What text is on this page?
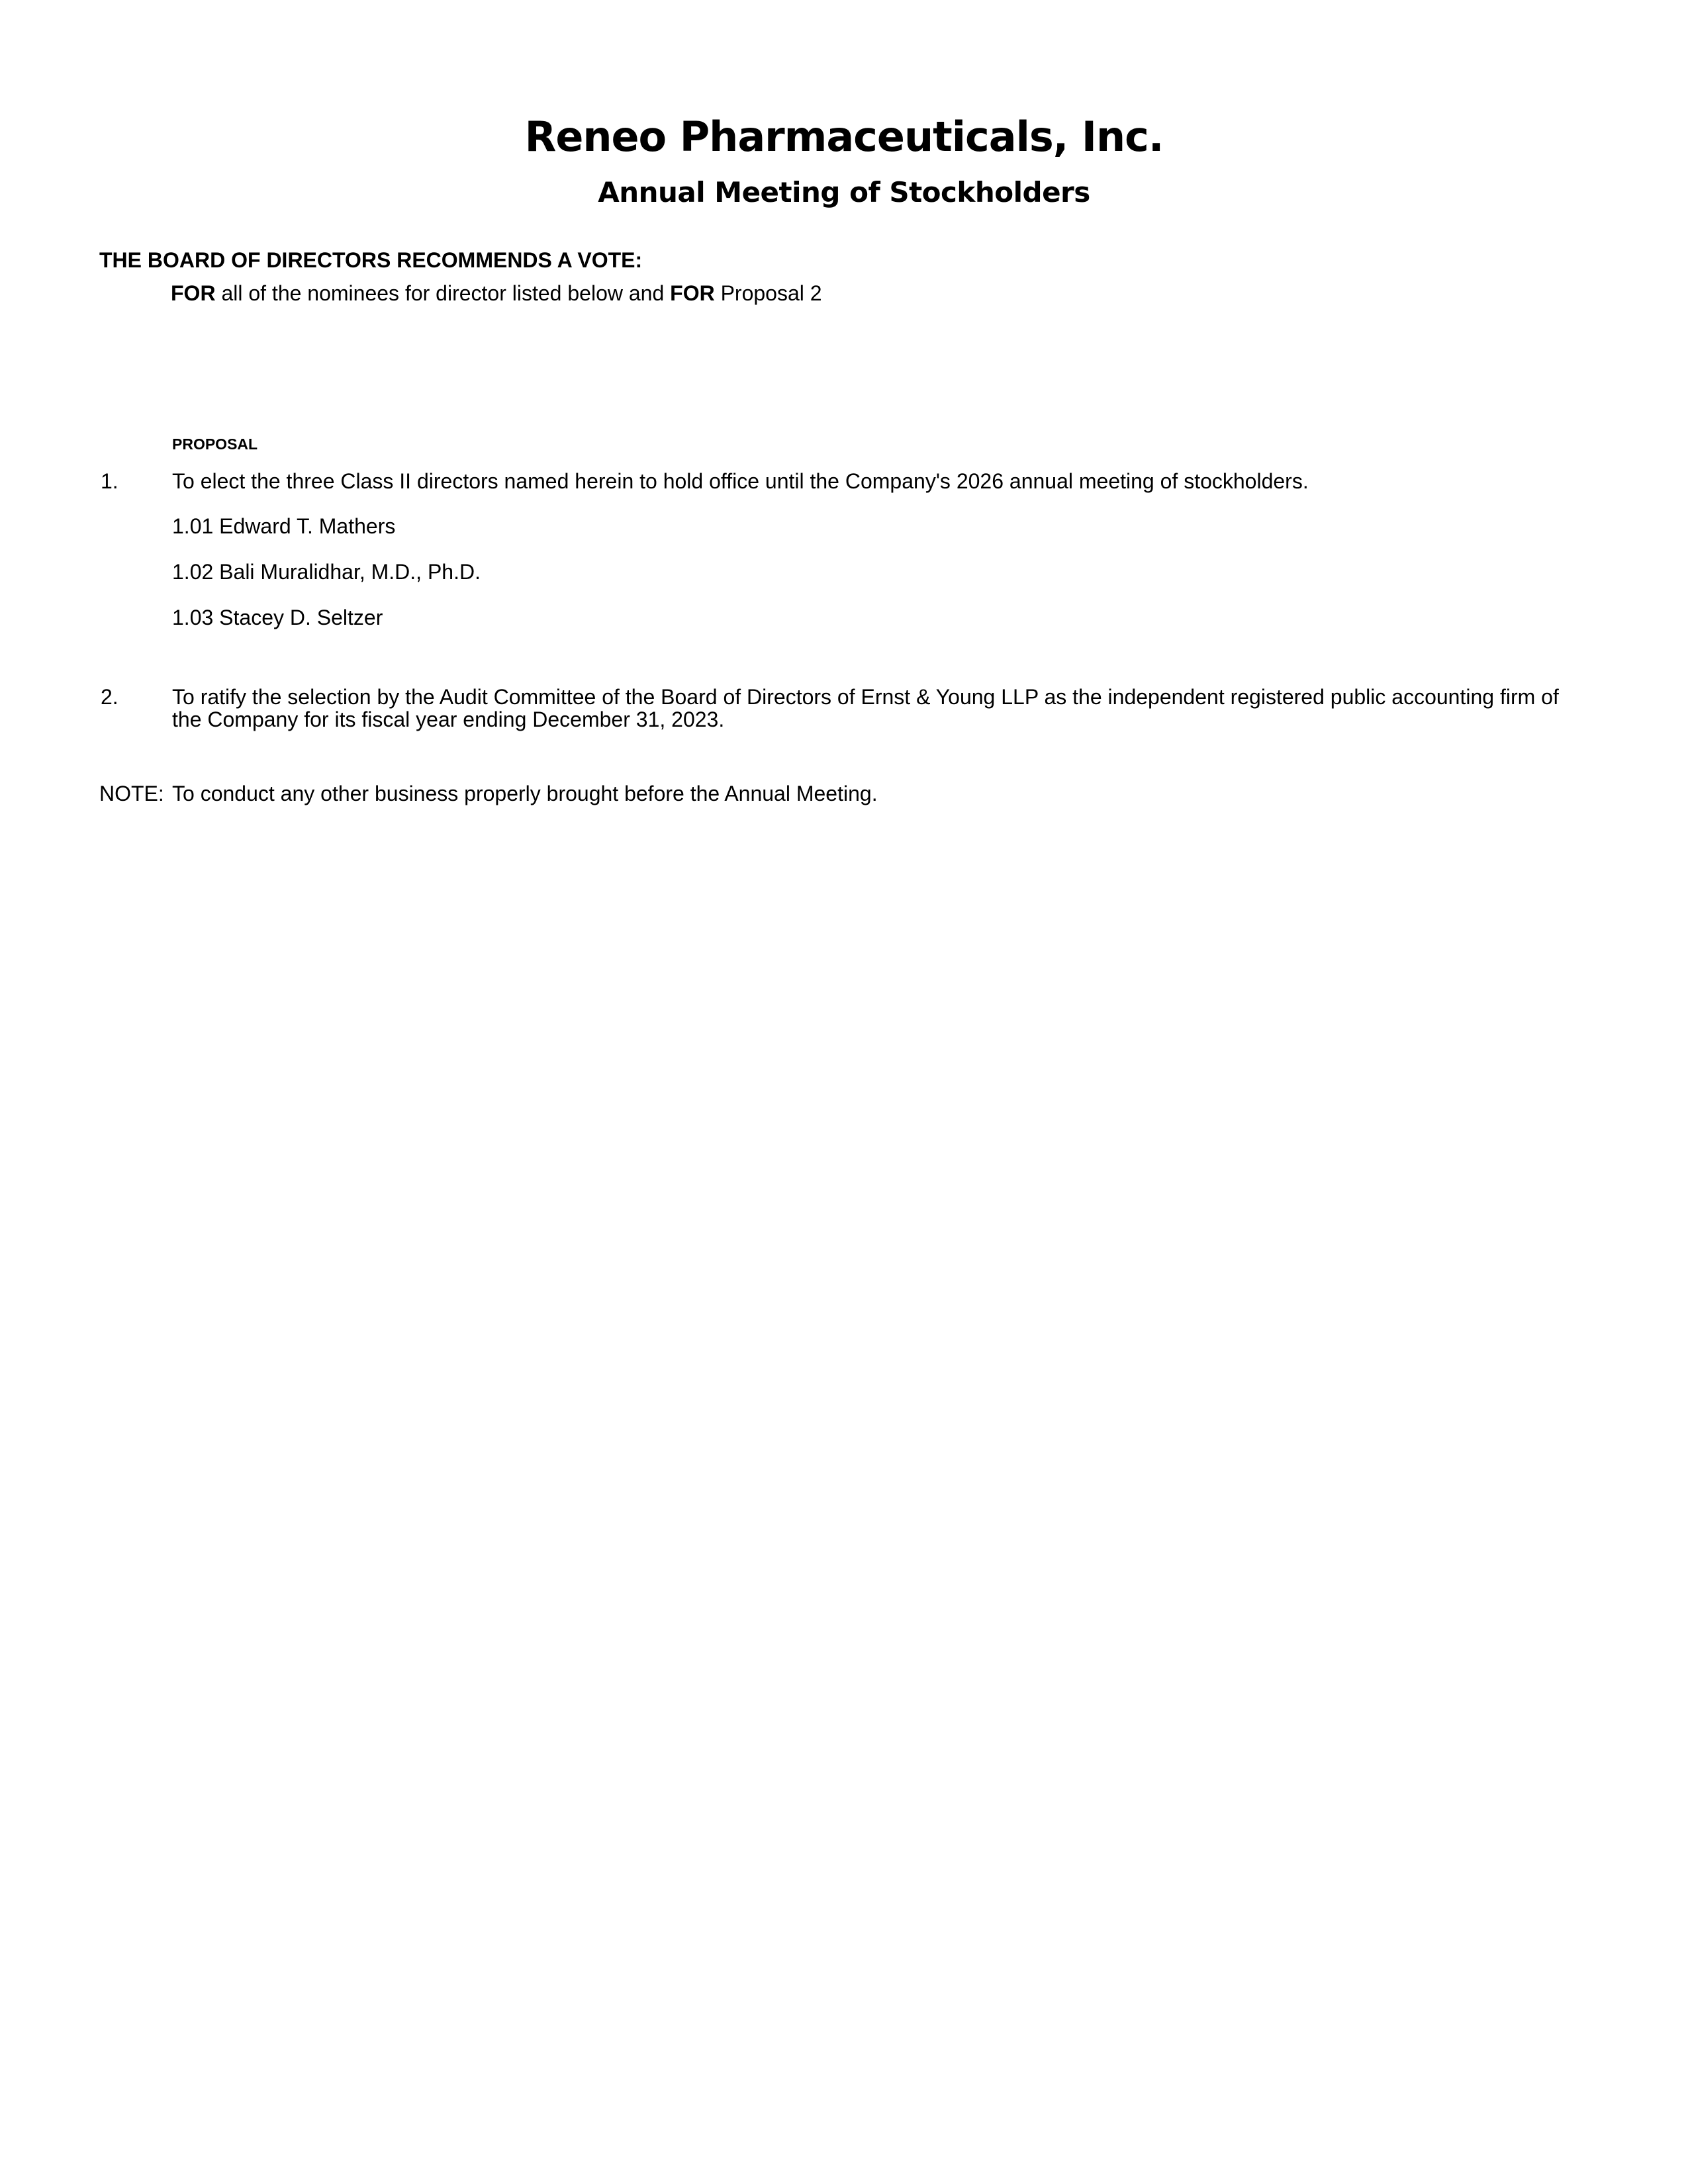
Reneo Pharmaceuticals, Inc.
Annual Meeting of Stockholders
THE BOARD OF DIRECTORS RECOMMENDS A VOTE:
FOR all of the nominees for director listed below and FOR Proposal 2
PROPOSAL
1.	To elect the three Class II directors named herein to hold office until the Company's 2026 annual meeting of stockholders.
1.01 Edward T. Mathers
1.02 Bali Muralidhar, M.D., Ph.D.
1.03 Stacey D. Seltzer
2.	To ratify the selection by the Audit Committee of the Board of Directors of Ernst & Young LLP as the independent registered public accounting firm of the Company for its fiscal year ending December 31, 2023.
NOTE: To conduct any other business properly brought before the Annual Meeting.
